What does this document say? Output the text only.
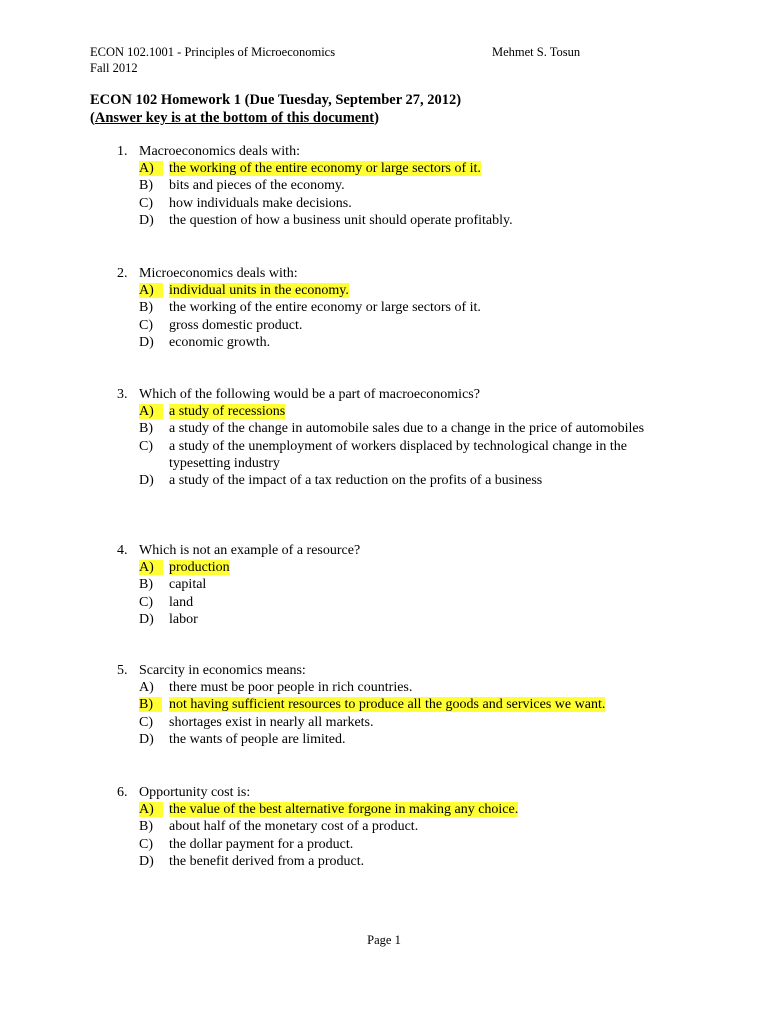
ECON 102.1001 - Principles of Microeconomics
Fall 2012
Mehmet S. Tosun
ECON 102 Homework 1 (Due Tuesday, September 27, 2012)
(Answer key is at the bottom of this document)
1. Macroeconomics deals with:
A)	the working of the entire economy or large sectors of it.
B)	bits and pieces of the economy.
C)	how individuals make decisions.
D)	the question of how a business unit should operate profitably.
2. Microeconomics deals with:
A)	individual units in the economy.
B)	the working of the entire economy or large sectors of it.
C)	gross domestic product.
D)	economic growth.
3. Which of the following would be a part of macroeconomics?
A)	a study of recessions
B)	a study of the change in automobile sales due to a change in the price of automobiles
C)	a study of the unemployment of workers displaced by technological change in the typesetting industry
D)	a study of the impact of a tax reduction on the profits of a business
4. Which is not an example of a resource?
A)	production
B)	capital
C)	land
D)	labor
5. Scarcity in economics means:
A)	there must be poor people in rich countries.
B)	not having sufficient resources to produce all the goods and services we want.
C)	shortages exist in nearly all markets.
D)	the wants of people are limited.
6. Opportunity cost is:
A)	the value of the best alternative forgone in making any choice.
B)	about half of the monetary cost of a product.
C)	the dollar payment for a product.
D)	the benefit derived from a product.
Page 1
